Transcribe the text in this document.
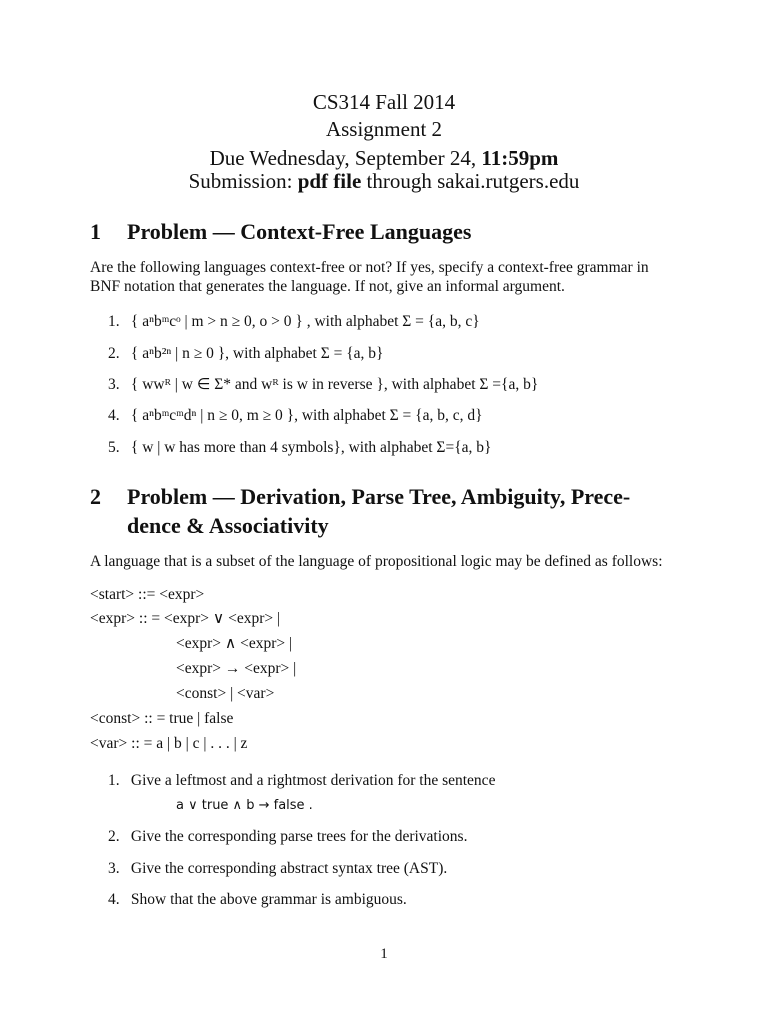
CS314 Fall 2014
Assignment 2
Due Wednesday, September 24, 11:59pm
Submission: pdf file through sakai.rutgers.edu
1 Problem — Context-Free Languages
Are the following languages context-free or not? If yes, specify a context-free grammar in
BNF notation that generates the language. If not, give an informal argument.
1. { aⁿbᵐcᵒ | m > n ≥ 0, o > 0 } , with alphabet Σ = {a, b, c}
2. { aⁿb²ⁿ | n ≥ 0 }, with alphabet Σ = {a, b}
3. { wwᴿ | w ∈ Σ* and wᴿ is w in reverse }, with alphabet Σ ={a, b}
4. { aⁿbᵐcᵐdⁿ | n ≥ 0, m ≥ 0 }, with alphabet Σ = {a, b, c, d}
5. { w | w has more than 4 symbols}, with alphabet Σ={a, b}
2 Problem — Derivation, Parse Tree, Ambiguity, Prece-
dence & Associativity
A language that is a subset of the language of propositional logic may be defined as follows:
<start> ::= <expr>
<expr> :: = <expr> ∨ <expr> |
<expr> ∧ <expr> |
<expr> → <expr> |
<const> | <var>
<const> :: = true | false
<var> :: = a | b | c | . . . | z
1. Give a leftmost and a rightmost derivation for the sentence
a ∨ true ∧ b → false .
2. Give the corresponding parse trees for the derivations.
3. Give the corresponding abstract syntax tree (AST).
4. Show that the above grammar is ambiguous.
1
